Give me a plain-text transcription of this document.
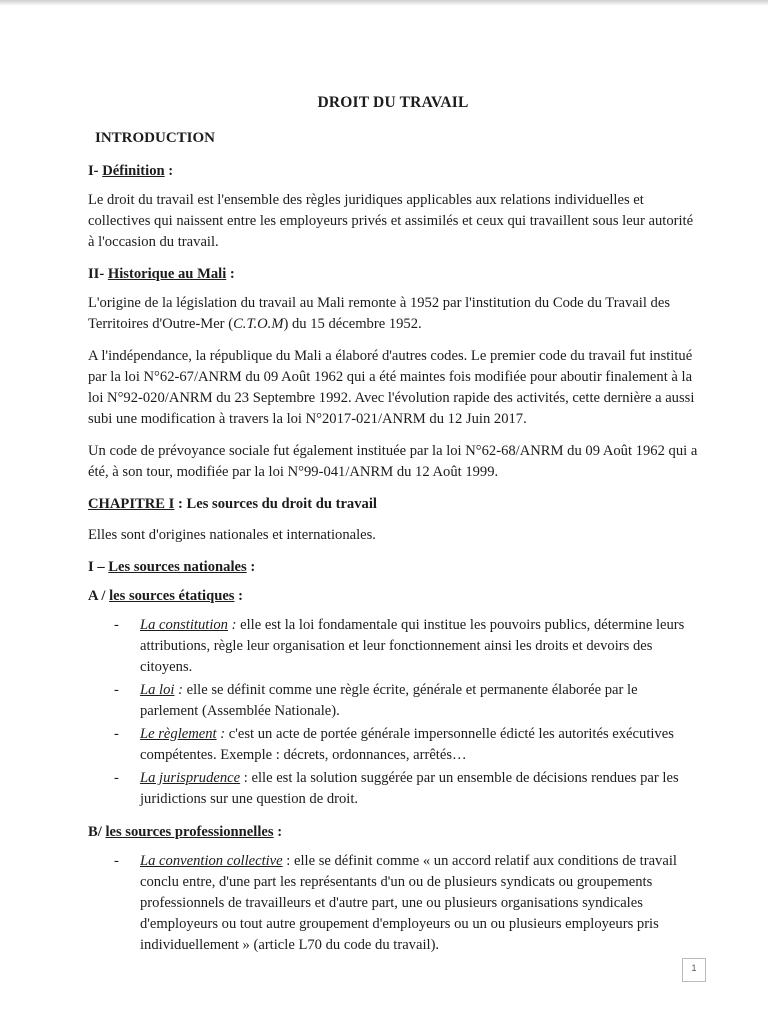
DROIT DU TRAVAIL
INTRODUCTION
I- Définition :

Le droit du travail est l'ensemble des règles juridiques applicables aux relations individuelles et collectives qui naissent entre les employeurs privés et assimilés et ceux qui travaillent sous leur autorité à l'occasion du travail.

II- Historique au Mali :

L'origine de la législation du travail au Mali remonte à 1952 par l'institution du Code du Travail des Territoires d'Outre-Mer (C.T.O.M) du 15 décembre 1952.

A l'indépendance, la république du Mali a élaboré d'autres codes. Le premier code du travail fut institué par la loi N°62-67/ANRM du 09 Août 1962 qui a été maintes fois modifiée pour aboutir finalement à la loi N°92-020/ANRM du 23 Septembre 1992. Avec l'évolution rapide des activités, cette dernière a aussi subi une modification à travers la loi N°2017-021/ANRM du 12 Juin 2017.

Un code de prévoyance sociale fut également instituée par la loi N°62-68/ANRM du 09 Août 1962 qui a été, à son tour, modifiée par la loi N°99-041/ANRM du 12 Août 1999.

CHAPITRE I : Les sources du droit du travail

Elles sont d'origines nationales et internationales.

I – Les sources nationales :
A / les sources étatiques :
- La constitution : elle est la loi fondamentale qui institue les pouvoirs publics, détermine leurs attributions, règle leur organisation et leur fonctionnement ainsi les droits et devoirs des citoyens.
- La loi : elle se définit comme une règle écrite, générale et permanente élaborée par le parlement (Assemblée Nationale).
- Le règlement : c'est un acte de portée générale impersonnelle édicté les autorités exécutives compétentes. Exemple : décrets, ordonnances, arrêtés…
- La jurisprudence : elle est la solution suggérée par un ensemble de décisions rendues par les juridictions sur une question de droit.
B/ les sources professionnelles :
- La convention collective : elle se définit comme « un accord relatif aux conditions de travail conclu entre, d'une part les représentants d'un ou de plusieurs syndicats ou groupements professionnels de travailleurs et d'autre part, une ou plusieurs organisations syndicales d'employeurs ou tout autre groupement d'employeurs ou un ou plusieurs employeurs pris individuellement » (article L70 du code du travail).
1
